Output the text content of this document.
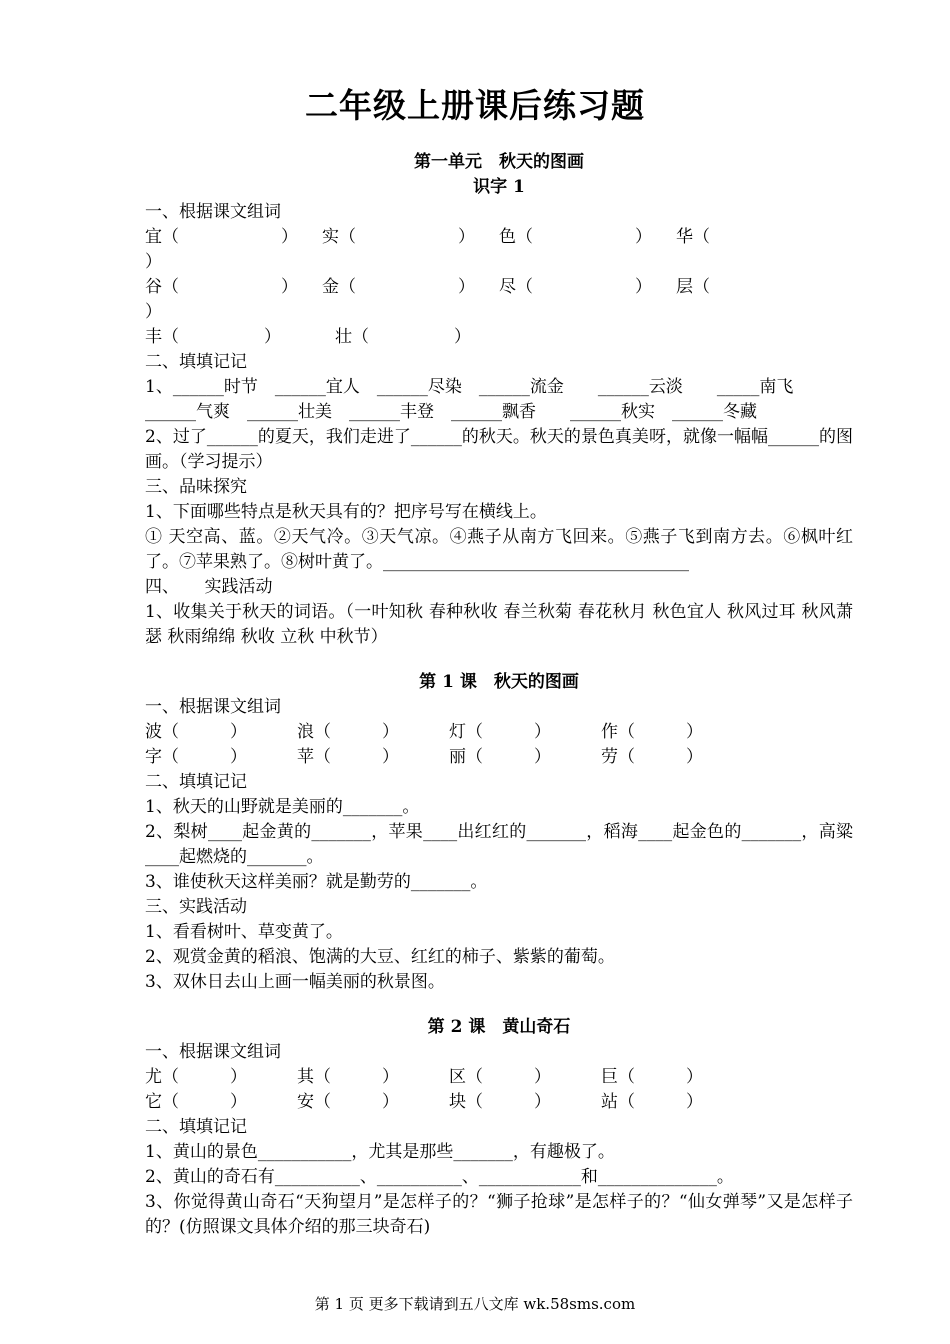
二年级上册课后练习题
第一单元　秋天的图画
识字 1
一、根据课文组词
宜（　　　　　　）	实（　　　　　　）	色（　　　　　　）	华（
）
谷（　　　　　　）	金（　　　　　　）	尽（　　　　　　）	层（
）
丰（　　　　　）	壮（　　　　　）
二、填填记记
1、______时节　______宜人　______尽染　______流金　　______云淡　　_____南飞
______气爽　______壮美　______丰登　______飘香　　______秋实　______冬藏
2、过了______的夏天，我们走进了______的秋天。秋天的景色真美呀，就像一幅幅______的图画。（学习提示）
三、品味探究
1、下面哪些特点是秋天具有的？把序号写在横线上。
① 天空高、蓝。②天气冷。③天气凉。④燕子从南方飞回来。⑤燕子飞到南方去。⑥枫叶红了。⑦苹果熟了。⑧树叶黄了。____________________________________
四、　　实践活动
1、收集关于秋天的词语。（一叶知秋 春种秋收 春兰秋菊 春花秋月 秋色宜人 秋风过耳 秋风萧瑟 秋雨绵绵 秋收 立秋 中秋节）
第 1 课　秋天的图画
一、根据课文组词
波（　　　）	浪（　　　）	灯（　　　）	作（　　　）
字（　　　）	苹（　　　）	丽（　　　）	劳（　　　）
二、填填记记
1、秋天的山野就是美丽的_______。
2、梨树____起金黄的_______，苹果____出红红的_______，稻海____起金色的_______，高粱____起燃烧的_______。
3、谁使秋天这样美丽？就是勤劳的_______。
三、实践活动
1、看看树叶、草变黄了。
2、观赏金黄的稻浪、饱满的大豆、红红的柿子、紫紫的葡萄。
3、双休日去山上画一幅美丽的秋景图。
第 2 课　黄山奇石
一、根据课文组词
尤（　　　）	其（　　　）	区（　　　）	巨（　　　）
它（　　　）	安（　　　）	块（　　　）	站（　　　）
二、填填记记
1、黄山的景色___________，尤其是那些_______，有趣极了。
2、黄山的奇石有__________、__________、____________和______________。
3、你觉得黄山奇石“天狗望月”是怎样子的？“狮子抢球”是怎样子的？“仙女弹琴”又是怎样子的？(仿照课文具体介绍的那三块奇石)
第 1 页 更多下载请到五八文库 wk.58sms.com
